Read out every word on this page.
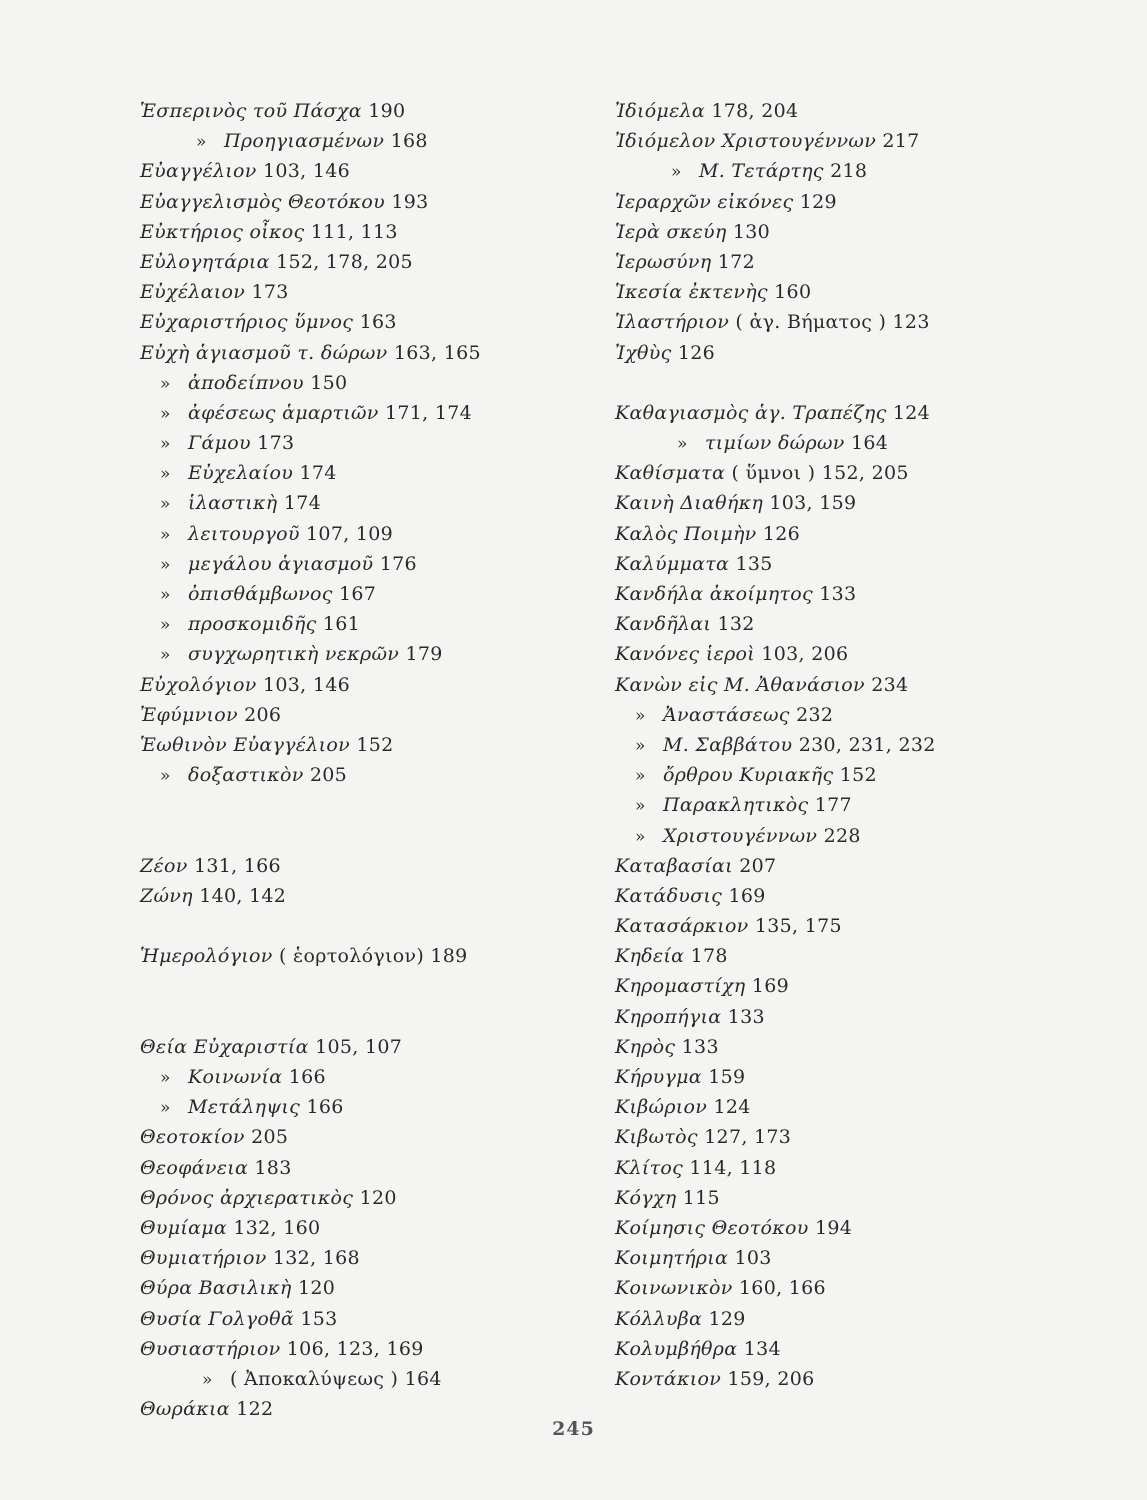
Ἑσπερινὸς τοῦ Πάσχα 190
» Προηγιασμένων 168
Εὐαγγέλιον 103, 146
Εὐαγγελισμὸς Θεοτόκου 193
Εὐκτήριος οἶκος 111, 113
Εὐλογητάρια 152, 178, 205
Εὐχέλαιον 173
Εὐχαριστήριος ὕμνος 163
Εὐχὴ ἁγιασμοῦ τ. δώρων 163, 165
» ἀποδείπνου 150
» ἀφέσεως ἁμαρτιῶν 171, 174
» Γάμου 173
» Εὐχελαίου 174
» ἱλαστικὴ 174
» λειτουργοῦ 107, 109
» μεγάλου ἁγιασμοῦ 176
» ὀπισθάμβωνος 167
» προσκομιδῆς 161
» συγχωρητικὴ νεκρῶν 179
Εὐχολόγιον 103, 146
Ἐφύμνιον 206
Ἑωθινὸν Εὐαγγέλιον 152
» δοξαστικὸν 205
Ζέον 131, 166
Ζώνη 140, 142
Ἡμερολόγιον ( ἑορτολόγιον) 189
Θεία Εὐχαριστία 105, 107
» Κοινωνία 166
» Μετάληψις 166
Θεοτοκίον 205
Θεοφάνεια 183
Θρόνος ἀρχιερατικὸς 120
Θυμίαμα 132, 160
Θυμιατήριον 132, 168
Θύρα Βασιλικὴ 120
Θυσία Γολγοθᾶ 153
Θυσιαστήριον 106, 123, 169
» ( Ἀποκαλύψεως ) 164
Θωράκια 122
Ἰδιόμελα 178, 204
Ἰδιόμελον Χριστουγέννων 217
» Μ. Τετάρτης 218
Ἱεραρχῶν εἰκόνες 129
Ἱερὰ σκεύη 130
Ἱερωσύνη 172
Ἱκεσία ἐκτενὴς 160
Ἱλαστήριον ( ἁγ. Βήματος ) 123
Ἰχθὺς 126
Καθαγιασμὸς ἁγ. Τραπέζης 124
» τιμίων δώρων 164
Καθίσματα ( ὕμνοι ) 152, 205
Καινὴ Διαθήκη 103, 159
Καλὸς Ποιμὴν 126
Καλύμματα 135
Κανδήλα ἀκοίμητος 133
Κανδῆλαι 132
Κανόνες ἱεροὶ 103, 206
Κανὼν εἰς Μ. Ἀθανάσιον 234
» Ἀναστάσεως 232
» Μ. Σαββάτου 230, 231, 232
» ὄρθρου Κυριακῆς 152
» Παρακλητικὸς 177
» Χριστουγέννων 228
Καταβασίαι 207
Κατάδυσις 169
Κατασάρκιον 135, 175
Κηδεία 178
Κηρομαστίχη 169
Κηροπήγια 133
Κηρὸς 133
Κήρυγμα 159
Κιβώριον 124
Κιβωτὸς 127, 173
Κλίτος 114, 118
Κόγχη 115
Κοίμησις Θεοτόκου 194
Κοιμητήρια 103
Κοινωνικὸν 160, 166
Κόλλυβα 129
Κολυμβήθρα 134
Κοντάκιον 159, 206
245
